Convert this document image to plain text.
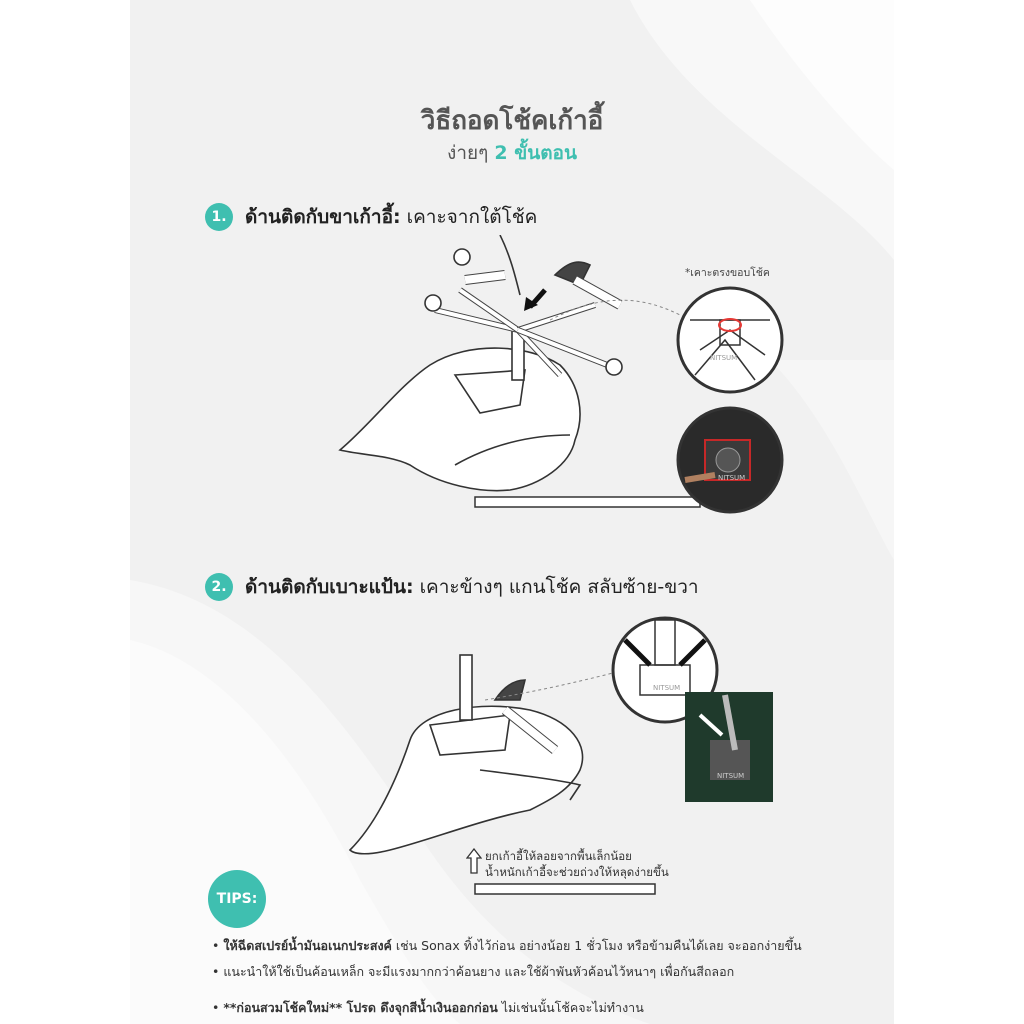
วิธีถอดโช้คเก้าอี้
ง่ายๆ 2 ขั้นตอน
1. ด้านติดกับขาเก้าอี้: เคาะจากใต้โช้ค
*เคาะตรงขอบโช้ค
NITSUM
NITSUM
2. ด้านติดกับเบาะแป้น: เคาะข้างๆ แกนโช้ค สลับซ้าย-ขวา
NITSUM
NITSUM
ยกเก้าอี้ให้ลอยจากพื้นเล็กน้อย
น้ำหนักเก้าอี้จะช่วยถ่วงให้หลุดง่ายขึ้น
TIPS:
• ให้ฉีดสเปรย์น้ำมันอเนกประสงค์ เช่น Sonax ทิ้งไว้ก่อน อย่างน้อย 1 ชั่วโมง หรือข้ามคืนได้เลย จะออกง่ายขึ้น
• แนะนำให้ใช้เป็นค้อนเหล็ก จะมีแรงมากกว่าค้อนยาง และใช้ผ้าพันหัวค้อนไว้หนาๆ เพื่อกันสีถลอก
• **ก่อนสวมโช้คใหม่** โปรด ดึงจุกสีน้ำเงินออกก่อน ไม่เช่นนั้นโช้คจะไม่ทำงาน
